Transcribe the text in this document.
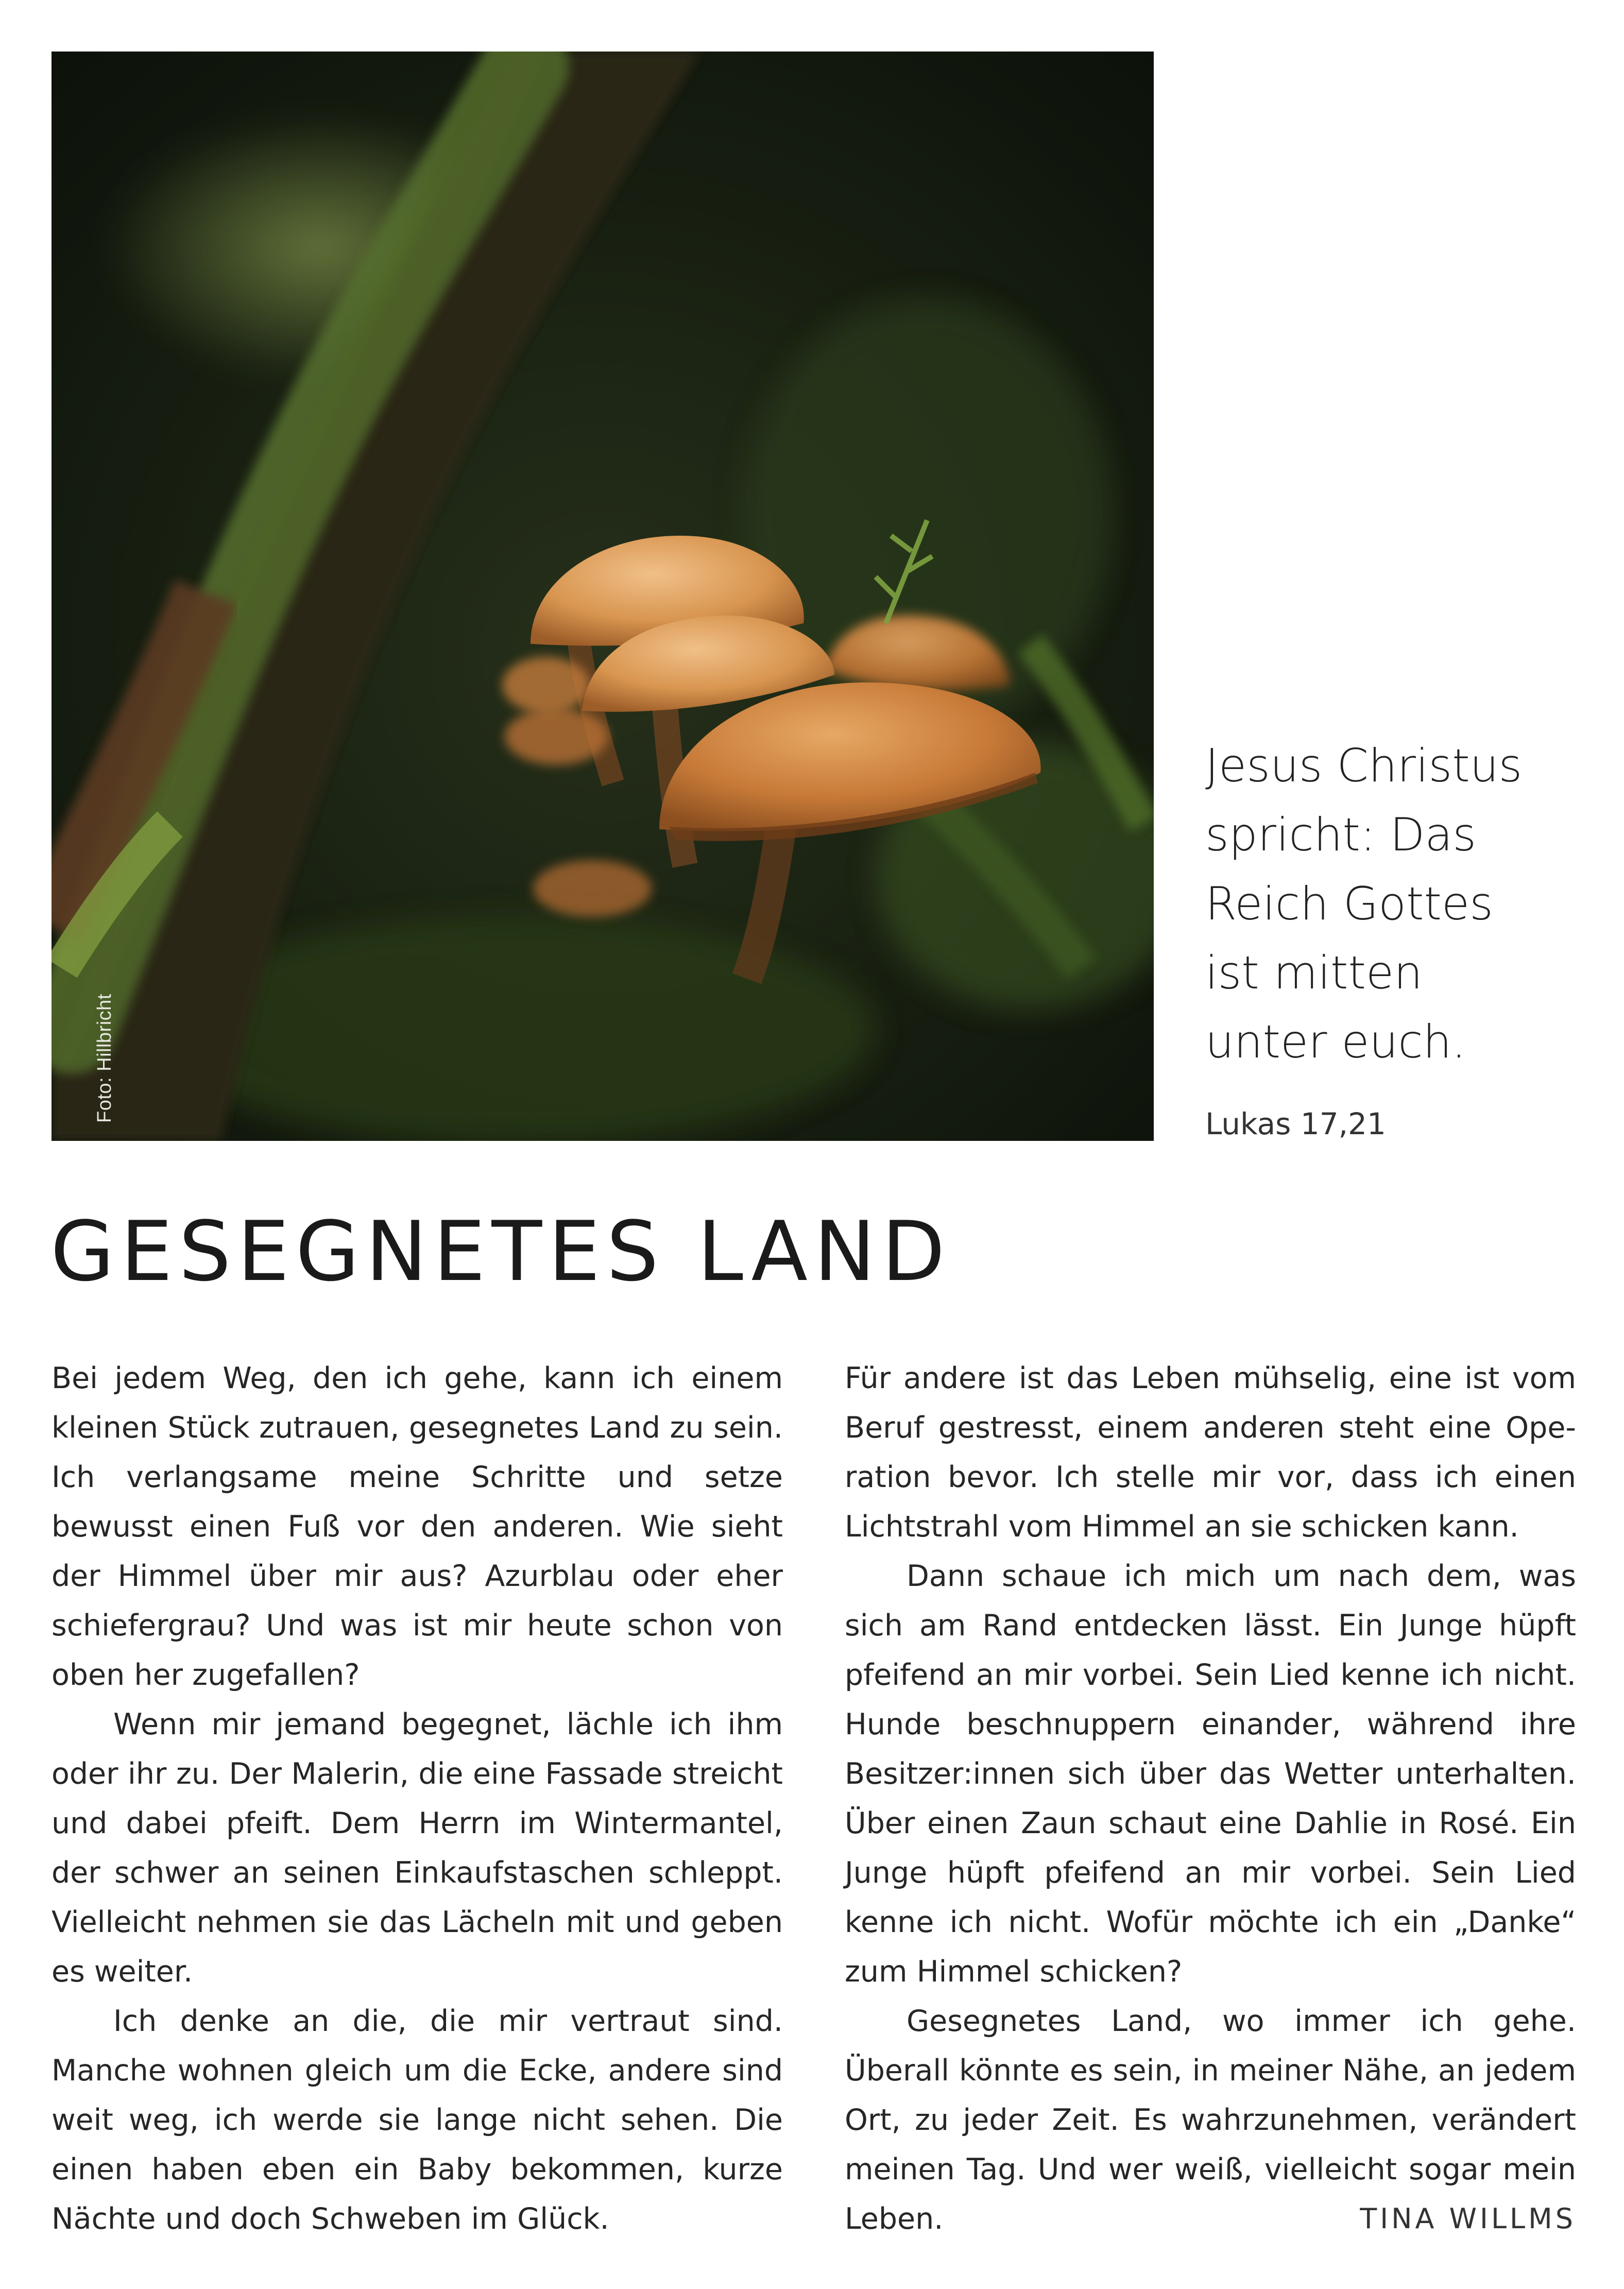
Foto: Hillbricht
Jesus Christus
spricht: Das
Reich Gottes
ist mitten
unter euch.
Lukas 17,21
GESEGNETES LAND

Bei jedem Weg, den ich gehe, kann ich einem kleinen Stück zutrauen, gesegnetes Land zu sein. Ich verlangsame meine Schritte und setze bewusst einen Fuß vor den anderen. Wie sieht der Himmel über mir aus? Azurblau oder eher schiefergrau? Und was ist mir heute schon von oben her zugefallen?

Wenn mir jemand begegnet, lächle ich ihm oder ihr zu. Der Malerin, die eine Fassade streicht und dabei pfeift. Dem Herrn im Wintermantel, der schwer an seinen Einkaufstaschen schleppt. Vielleicht nehmen sie das Lächeln mit und geben es weiter.

Ich denke an die, die mir vertraut sind. Manche wohnen gleich um die Ecke, andere sind weit weg, ich werde sie lange nicht sehen. Die einen haben eben ein Baby bekommen, kurze Nächte und doch Schweben im Glück.

Für andere ist das Leben mühselig, eine ist vom Beruf gestresst, einem anderen steht eine Operation bevor. Ich stelle mir vor, dass ich einen Lichtstrahl vom Himmel an sie schicken kann.

Dann schaue ich mich um nach dem, was sich am Rand entdecken lässt. Ein Junge hüpft pfeifend an mir vorbei. Sein Lied kenne ich nicht. Hunde beschnuppern einander, während ihre Besitzer:innen sich über das Wetter unterhalten. Über einen Zaun schaut eine Dahlie in Rosé. Ein Junge hüpft pfeifend an mir vorbei. Sein Lied kenne ich nicht. Wofür möchte ich ein „Danke“ zum Himmel schicken?

Gesegnetes Land, wo immer ich gehe. Überall könnte es sein, in meiner Nähe, an jedem Ort, zu jeder Zeit. Es wahrzunehmen, verändert meinen Tag. Und wer weiß, vielleicht sogar mein Leben.	TINA WILLMS
